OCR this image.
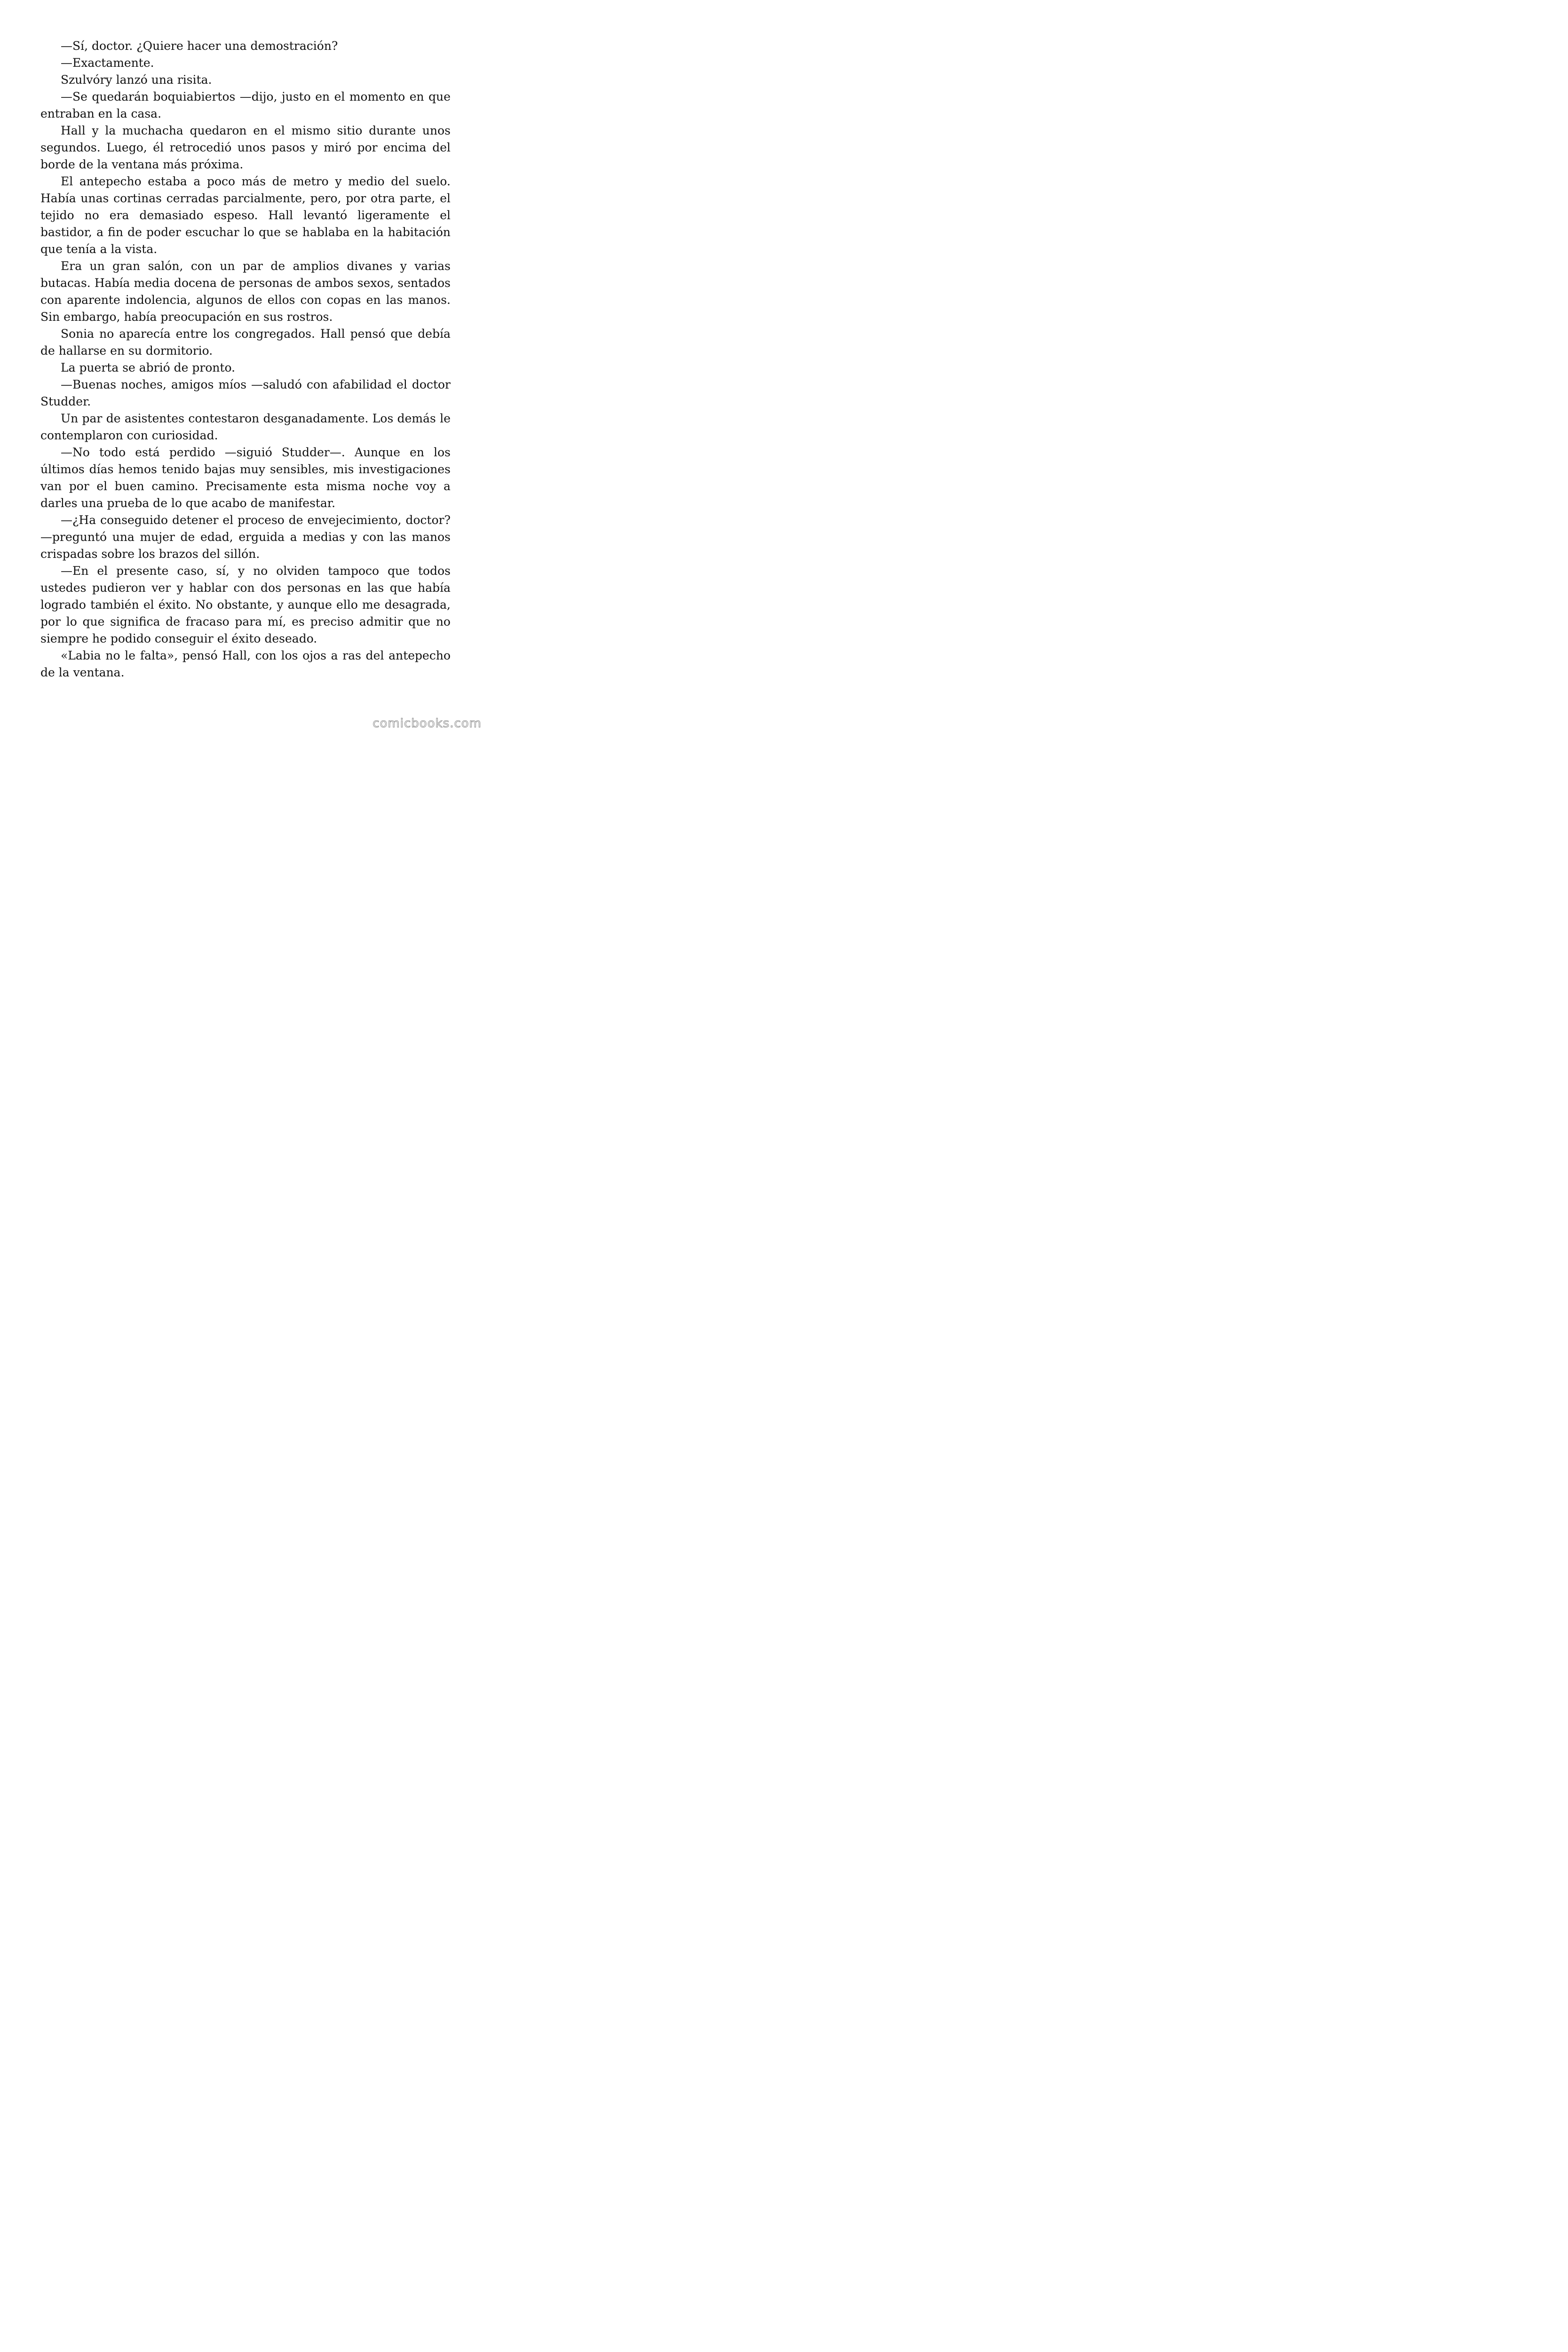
—Sí, doctor. ¿Quiere hacer una demostración?

—Exactamente.

Szulvóry lanzó una risita.

—Se quedarán boquiabiertos —dijo, justo en el momento en que entraban en la casa.

Hall y la muchacha quedaron en el mismo sitio durante unos segundos. Luego, él retrocedió unos pasos y miró por encima del borde de la ventana más próxima.

El antepecho estaba a poco más de metro y medio del suelo. Había unas cortinas cerradas parcialmente, pero, por otra parte, el tejido no era demasiado espeso. Hall levantó ligeramente el bastidor, a fin de poder escuchar lo que se hablaba en la habitación que tenía a la vista.

Era un gran salón, con un par de amplios divanes y varias butacas. Había media docena de personas de ambos sexos, sentados con aparente indolencia, algunos de ellos con copas en las manos. Sin embargo, había preocupación en sus rostros.

Sonia no aparecía entre los congregados. Hall pensó que debía de hallarse en su dormitorio.

La puerta se abrió de pronto.

—Buenas noches, amigos míos —saludó con afabilidad el doctor Studder.

Un par de asistentes contestaron desganadamente. Los demás le contemplaron con curiosidad.

—No todo está perdido —siguió Studder—. Aunque en los últimos días hemos tenido bajas muy sensibles, mis investigaciones van por el buen camino. Precisamente esta misma noche voy a darles una prueba de lo que acabo de manifestar.

—¿Ha conseguido detener el proceso de envejecimiento, doctor? —preguntó una mujer de edad, erguida a medias y con las manos crispadas sobre los brazos del sillón.

—En el presente caso, sí, y no olviden tampoco que todos ustedes pudieron ver y hablar con dos personas en las que había logrado también el éxito. No obstante, y aunque ello me desagrada, por lo que significa de fracaso para mí, es preciso admitir que no siempre he podido conseguir el éxito deseado.

«Labia no le falta», pensó Hall, con los ojos a ras del antepecho de la ventana.

comicbooks.com
